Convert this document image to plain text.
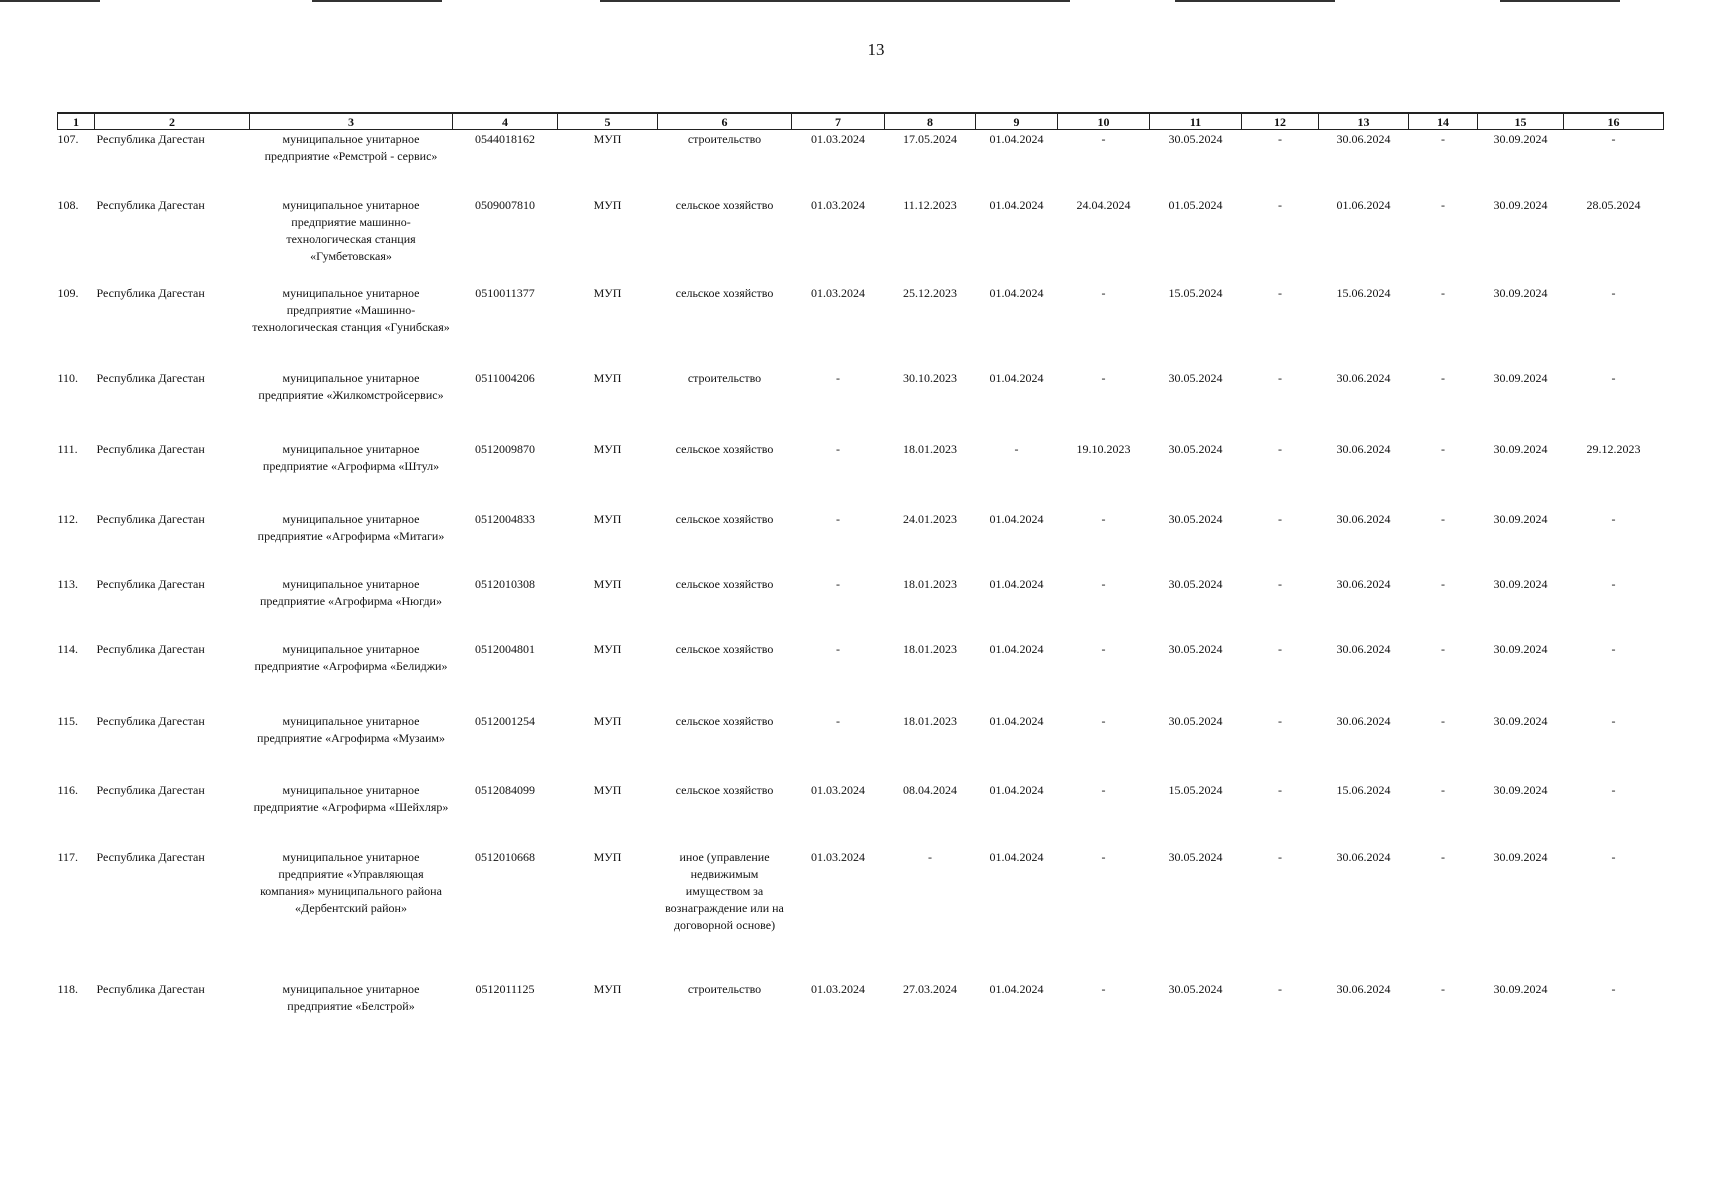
13
1	2	3	4	5	6	7	8	9	10	11	12	13	14	15	16
107.	Республика Дагестан	муниципальное унитарное предприятие «Ремстрой - сервис»	0544018162	МУП	строительство	01.03.2024	17.05.2024	01.04.2024	-	30.05.2024	-	30.06.2024	-	30.09.2024	-
108.	Республика Дагестан	муниципальное унитарное предприятие машинно-технологическая станция «Гумбетовская»	0509007810	МУП	сельское хозяйство	01.03.2024	11.12.2023	01.04.2024	24.04.2024	01.05.2024	-	01.06.2024	-	30.09.2024	28.05.2024
109.	Республика Дагестан	муниципальное унитарное предприятие «Машинно-технологическая станция «Гунибская»	0510011377	МУП	сельское хозяйство	01.03.2024	25.12.2023	01.04.2024	-	15.05.2024	-	15.06.2024	-	30.09.2024	-
110.	Республика Дагестан	муниципальное унитарное предприятие «Жилкомстройсервис»	0511004206	МУП	строительство	-	30.10.2023	01.04.2024	-	30.05.2024	-	30.06.2024	-	30.09.2024	-
111.	Республика Дагестан	муниципальное унитарное предприятие «Агрофирма «Штул»	0512009870	МУП	сельское хозяйство	-	18.01.2023	-	19.10.2023	30.05.2024	-	30.06.2024	-	30.09.2024	29.12.2023
112.	Республика Дагестан	муниципальное унитарное предприятие «Агрофирма «Митаги»	0512004833	МУП	сельское хозяйство	-	24.01.2023	01.04.2024	-	30.05.2024	-	30.06.2024	-	30.09.2024	-
113.	Республика Дагестан	муниципальное унитарное предприятие «Агрофирма «Нюгди»	0512010308	МУП	сельское хозяйство	-	18.01.2023	01.04.2024	-	30.05.2024	-	30.06.2024	-	30.09.2024	-
114.	Республика Дагестан	муниципальное унитарное предприятие «Агрофирма «Белиджи»	0512004801	МУП	сельское хозяйство	-	18.01.2023	01.04.2024	-	30.05.2024	-	30.06.2024	-	30.09.2024	-
115.	Республика Дагестан	муниципальное унитарное предприятие «Агрофирма «Музаим»	0512001254	МУП	сельское хозяйство	-	18.01.2023	01.04.2024	-	30.05.2024	-	30.06.2024	-	30.09.2024	-
116.	Республика Дагестан	муниципальное унитарное предприятие «Агрофирма «Шейхляр»	0512084099	МУП	сельское хозяйство	01.03.2024	08.04.2024	01.04.2024	-	15.05.2024	-	15.06.2024	-	30.09.2024	-
117.	Республика Дагестан	муниципальное унитарное предприятие «Управляющая компания» муниципального района «Дербентский район»	0512010668	МУП	иное (управление недвижимым имуществом за вознаграждение или на договорной основе)	01.03.2024	-	01.04.2024	-	30.05.2024	-	30.06.2024	-	30.09.2024	-
118.	Республика Дагестан	муниципальное унитарное предприятие «Белстрой»	0512011125	МУП	строительство	01.03.2024	27.03.2024	01.04.2024	-	30.05.2024	-	30.06.2024	-	30.09.2024	-
